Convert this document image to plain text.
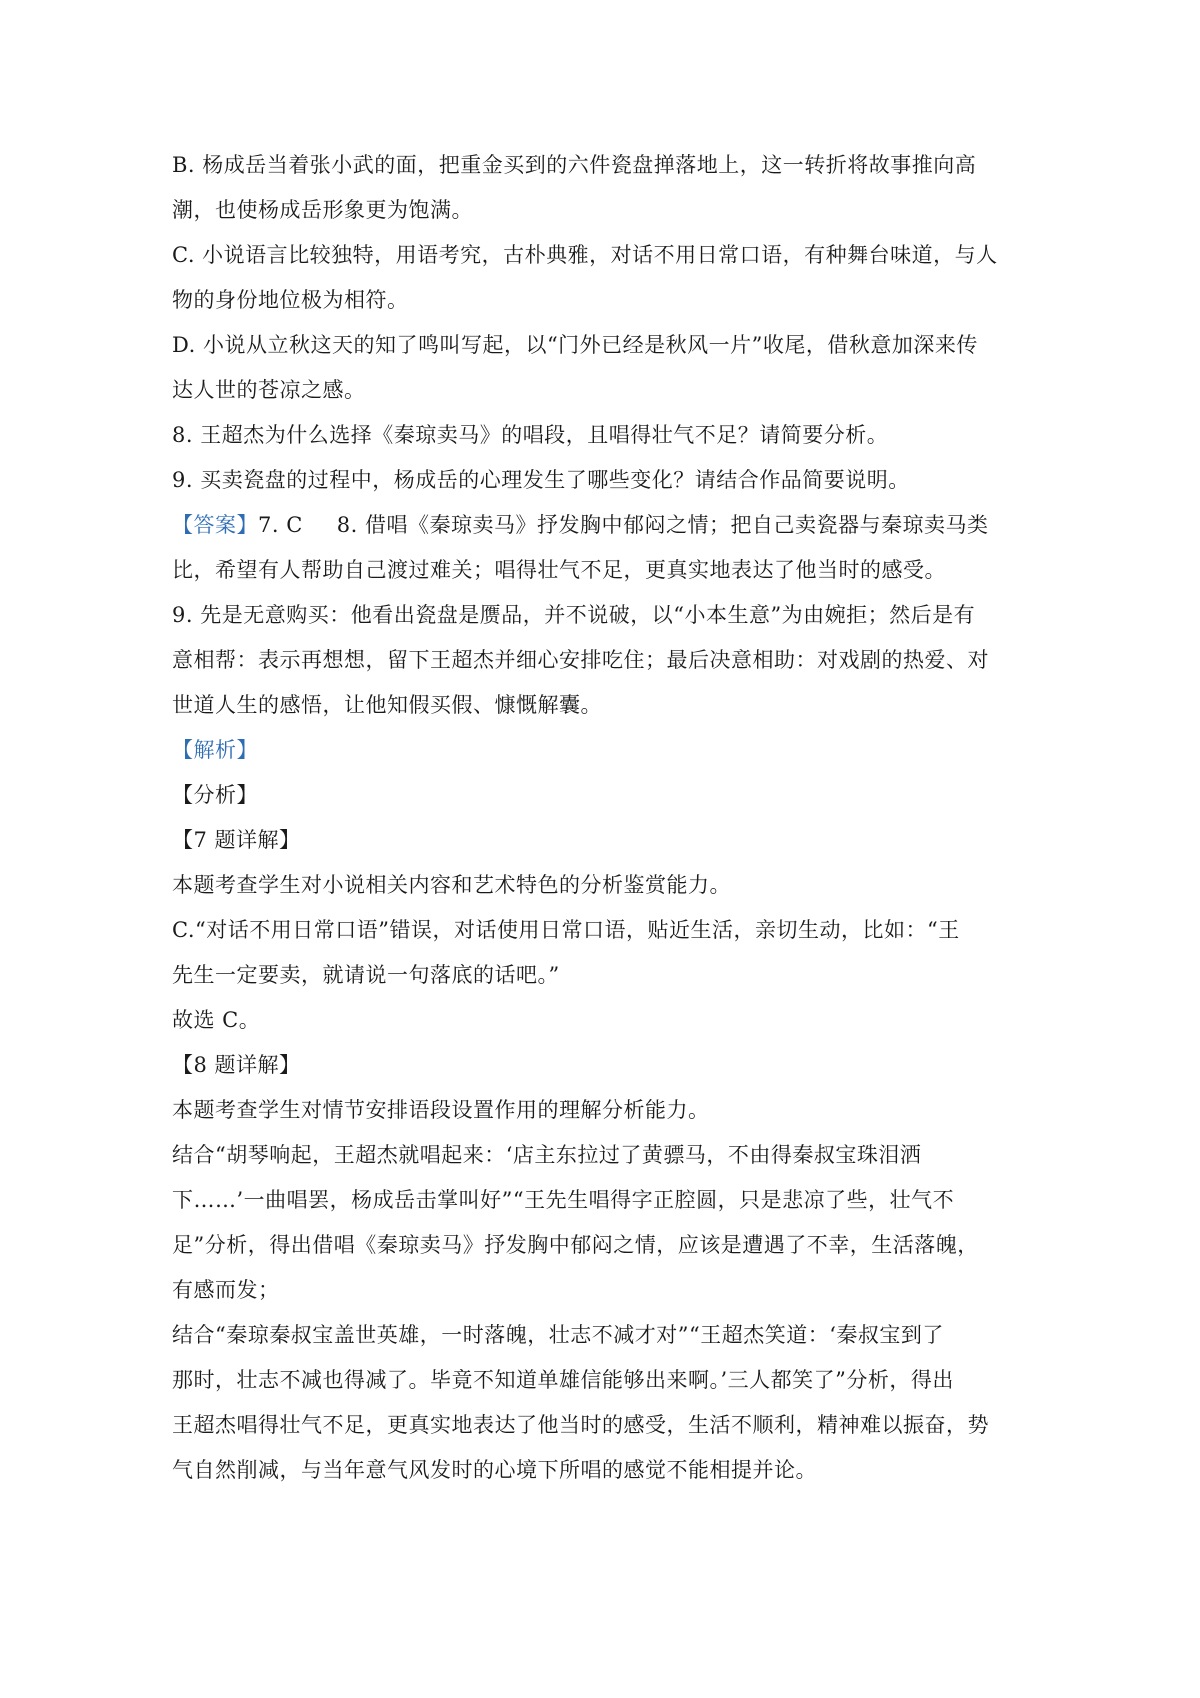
B. 杨成岳当着张小武的面，把重金买到的六件瓷盘掸落地上，这一转折将故事推向高
潮，也使杨成岳形象更为饱满。
C. 小说语言比较独特，用语考究，古朴典雅，对话不用日常口语，有种舞台味道，与人
物的身份地位极为相符。
D. 小说从立秋这天的知了鸣叫写起，以“门外已经是秋风一片”收尾，借秋意加深来传
达人世的苍凉之感。
8. 王超杰为什么选择《秦琼卖马》的唱段，且唱得壮气不足？请简要分析。
9. 买卖瓷盘的过程中，杨成岳的心理发生了哪些变化？请结合作品简要说明。
【答案】7. C 8. 借唱《秦琼卖马》抒发胸中郁闷之情；把自己卖瓷器与秦琼卖马类
比，希望有人帮助自己渡过难关；唱得壮气不足，更真实地表达了他当时的感受。
9. 先是无意购买：他看出瓷盘是赝品，并不说破，以“小本生意”为由婉拒；然后是有
意相帮：表示再想想，留下王超杰并细心安排吃住；最后决意相助：对戏剧的热爱、对
世道人生的感悟，让他知假买假、慷慨解囊。
【解析】
【分析】
【7 题详解】
本题考查学生对小说相关内容和艺术特色的分析鉴赏能力。
C.“对话不用日常口语”错误，对话使用日常口语，贴近生活，亲切生动，比如：“王
先生一定要卖，就请说一句落底的话吧。”
故选 C。
【8 题详解】
本题考查学生对情节安排语段设置作用的理解分析能力。
结合“胡琴响起，王超杰就唱起来：‘店主东拉过了黄骠马，不由得秦叔宝珠泪洒
下……’一曲唱罢，杨成岳击掌叫好”“王先生唱得字正腔圆，只是悲凉了些，壮气不
足”分析，得出借唱《秦琼卖马》抒发胸中郁闷之情，应该是遭遇了不幸，生活落魄，
有感而发；
结合“秦琼秦叔宝盖世英雄，一时落魄，壮志不减才对”“王超杰笑道：‘秦叔宝到了
那时，壮志不减也得减了。毕竟不知道单雄信能够出来啊。’三人都笑了”分析，得出
王超杰唱得壮气不足，更真实地表达了他当时的感受，生活不顺利，精神难以振奋，势
气自然削减，与当年意气风发时的心境下所唱的感觉不能相提并论。
